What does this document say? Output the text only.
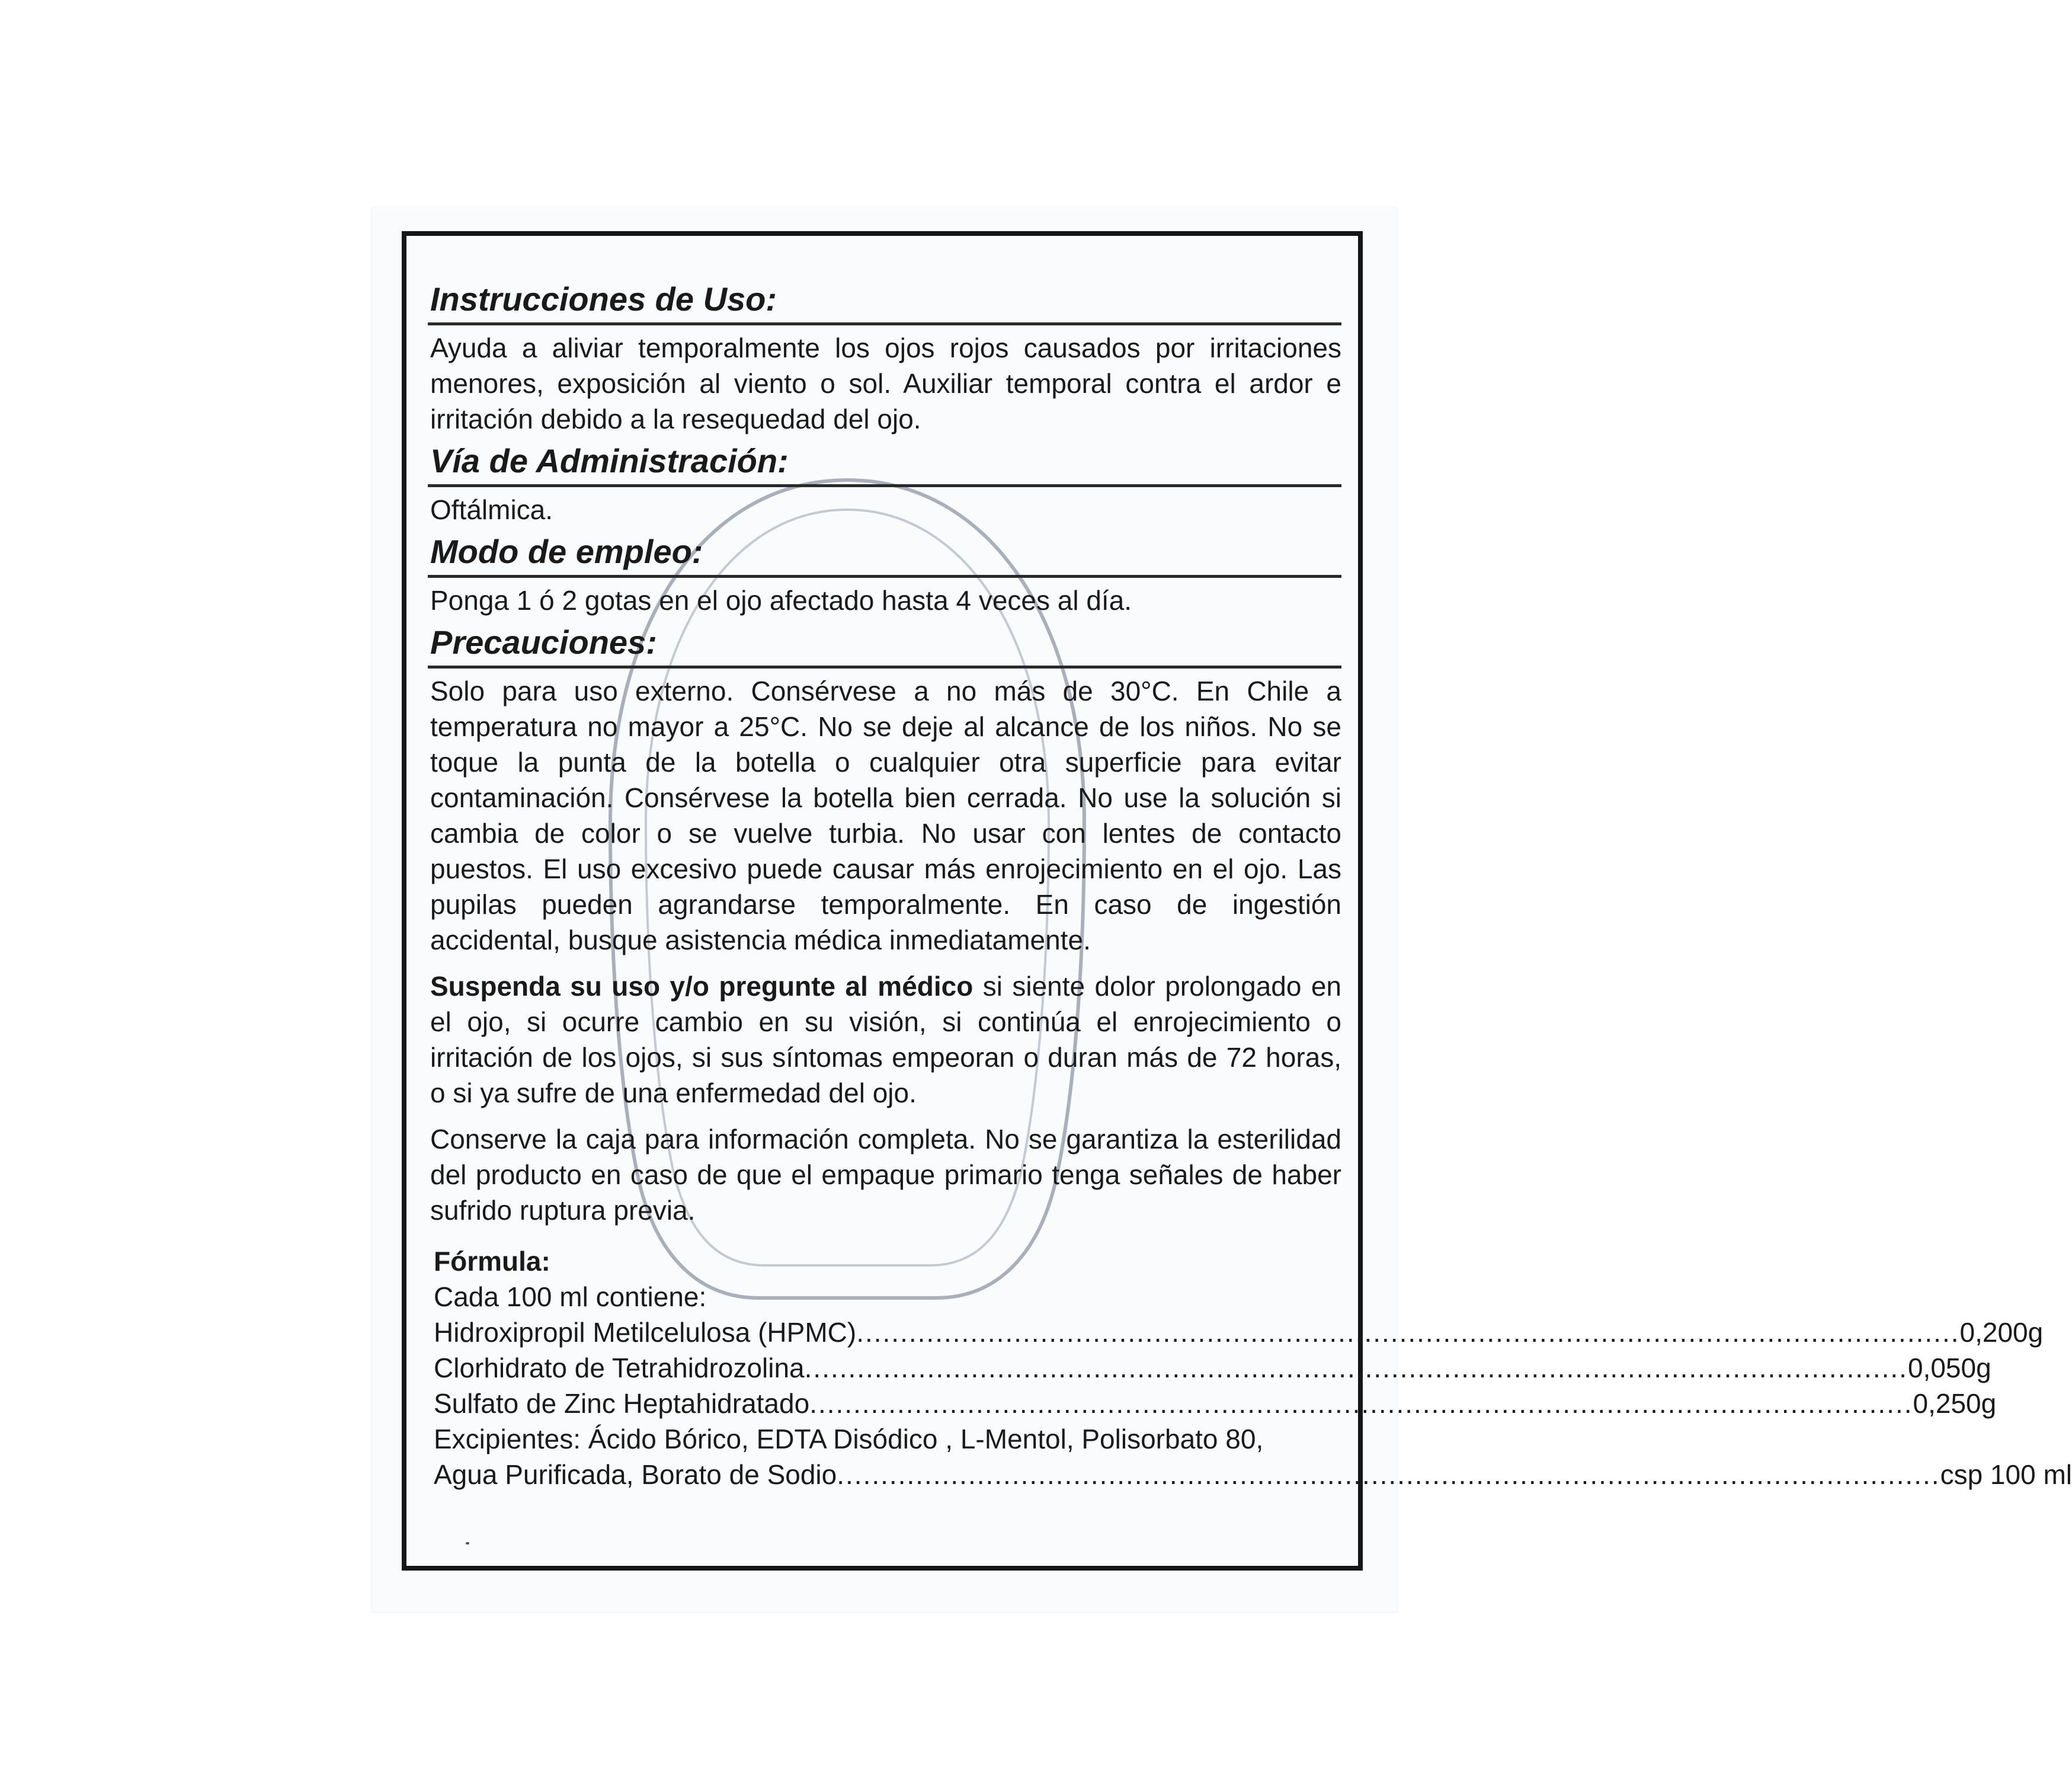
Instrucciones de Uso:

Ayuda a aliviar temporalmente los ojos rojos causados por irritaciones menores, exposición al viento o sol. Auxiliar temporal contra el ardor e irritación debido a la resequedad del ojo.

Vía de Administración:

Oftálmica.

Modo de empleo:

Ponga 1 ó 2 gotas en el ojo afectado hasta 4 veces al día.

Precauciones:

Solo para uso externo. Consérvese a no más de 30°C. En Chile a temperatura no mayor a 25°C. No se deje al alcance de los niños. No se toque la punta de la botella o cualquier otra superficie para evitar contaminación. Consérvese la botella bien cerrada. No use la solución si cambia de color o se vuelve turbia. No usar con lentes de contacto puestos. El uso excesivo puede causar más enrojecimiento en el ojo. Las pupilas pueden agrandarse temporalmente. En caso de ingestión accidental, busque asistencia médica inmediatamente.

Suspenda su uso y/o pregunte al médico si siente dolor prolongado en el ojo, si ocurre cambio en su visión, si continúa el enrojecimiento o irritación de los ojos, si sus síntomas empeoran o duran más de 72 horas, o si ya sufre de una enfermedad del ojo.

Conserve la caja para información completa. No se garantiza la esterilidad del producto en caso de que el empaque primario tenga señales de haber sufrido ruptura previa.

Fórmula:
Cada 100 ml contiene:
Hidroxipropil Metilcelulosa (HPMC) .............................................................................................................................. 0,200g
Clorhidrato de Tetrahidrozolina .............................................................................................................................. 0,050g
Sulfato de Zinc Heptahidratado .............................................................................................................................. 0,250g
Excipientes: Ácido Bórico, EDTA Disódico , L-Mentol, Polisorbato 80,
Agua Purificada, Borato de Sodio .............................................................................................................................. csp 100 ml
